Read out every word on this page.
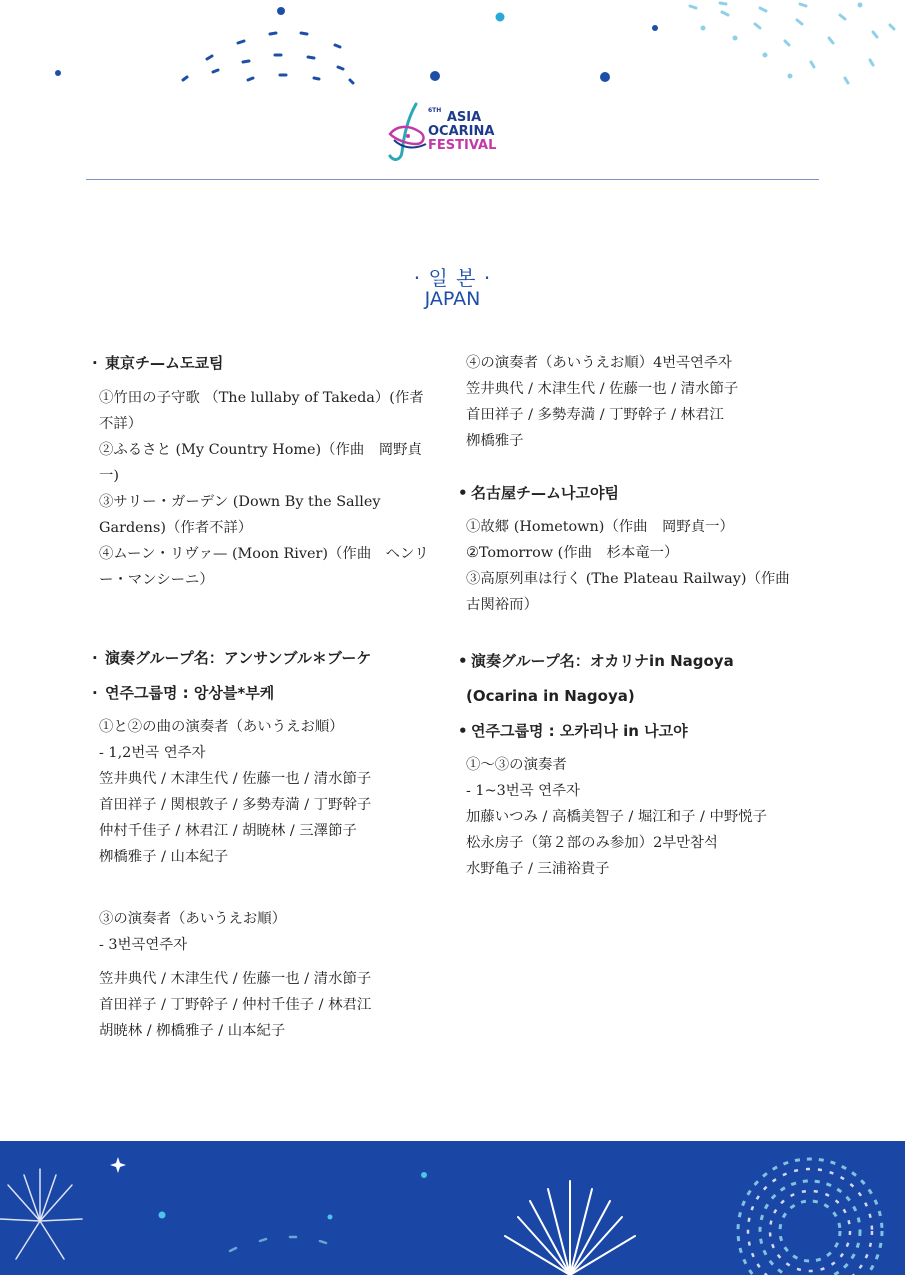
$^{6TH}$ ASIA
OCARINA
FESTIVAL
· 일 본 ·
JAPAN

· 東京チ—ム도쿄팀

①竹田の子守歌 （The lullaby of Takeda）(作者

不詳）

②ふるさと (My Country Home)（作曲　岡野貞

一)

③サリー・ガーデン (Down By the Salley

Gardens)（作者不詳）

④ムーン・リヴァ— (Moon River)（作曲　ヘンリ

ー・マンシーニ）

· 演奏グループ名：アンサンブル＊ブーケ

· 연주그룹명 : 앙상블*부케

①と②の曲の演奏者（あいうえお順）

- 1,2번곡 연주자

笠井典代 / 木津生代 / 佐藤一也 / 清水節子

首田祥子 / 関根敦子 / 多勢寿満 / 丁野幹子

仲村千佳子 / 林君江 / 胡暁林 / 三澤節子

栁橋雅子 / 山本紀子

③の演奏者（あいうえお順）

- 3번곡연주자

笠井典代 / 木津生代 / 佐藤一也 / 清水節子

首田祥子 / 丁野幹子 / 仲村千佳子 / 林君江

胡暁林 / 栁橋雅子 / 山本紀子

④の演奏者（あいうえお順）4번곡연주자

笠井典代 / 木津生代 / 佐藤一也 / 清水節子

首田祥子 / 多勢寿満 / 丁野幹子 / 林君江

栁橋雅子

• 名古屋チ—ム나고야팀

①故郷 (Hometown)（作曲　岡野貞一）

②Tomorrow (作曲　杉本竜一）

③高原列車は行く (The Plateau Railway)（作曲

古関裕而）

• 演奏グループ名：オカリナin Nagoya

(Ocarina in Nagoya)

• 연주그룹명 : 오카리나 in 나고야

①～③の演奏者

- 1~3번곡 연주자

加藤いつみ / 高橋美智子 / 堀江和子 / 中野悦子

松永房子（第２部のみ参加）2부만참석

水野亀子 / 三浦裕貴子
